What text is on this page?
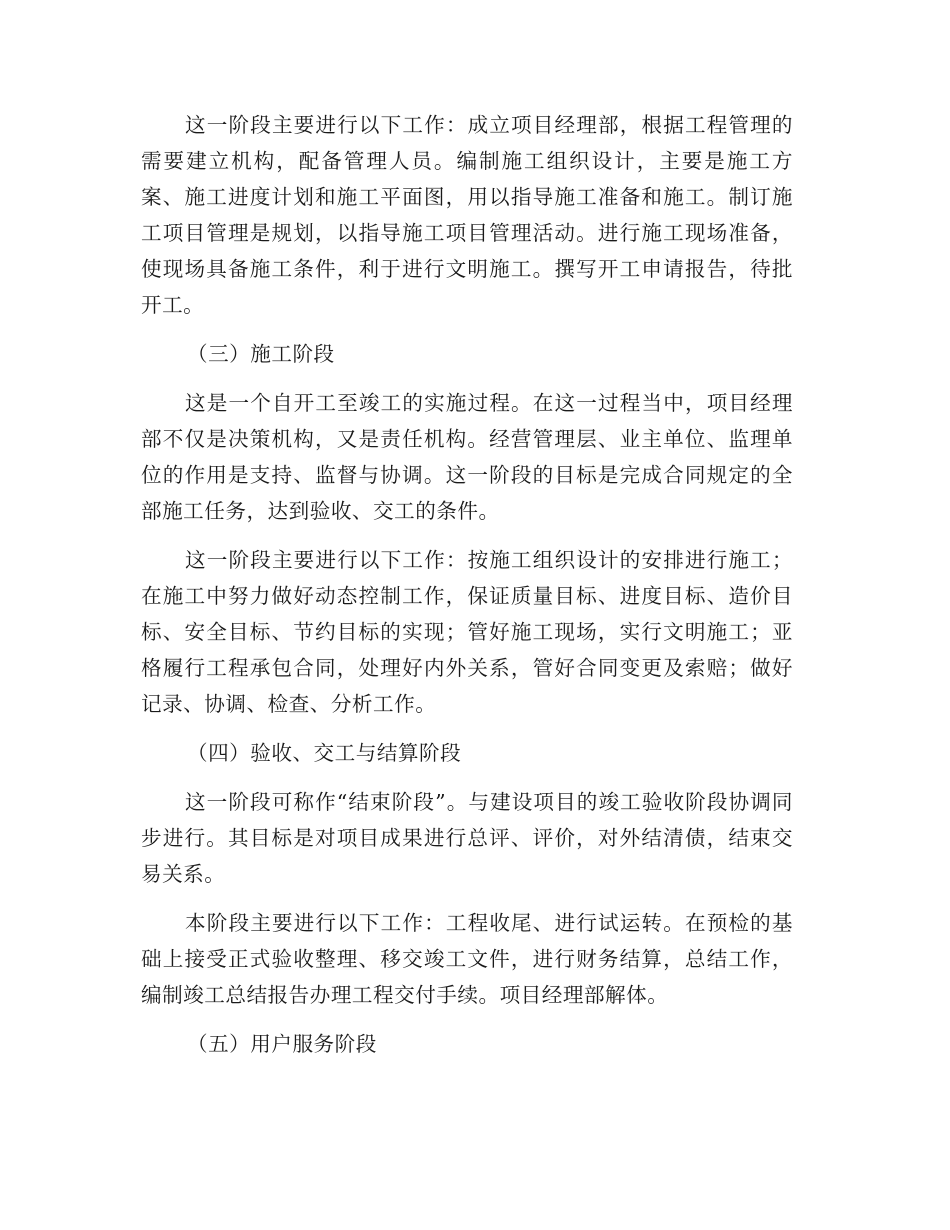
这一阶段主要进行以下工作：成立项目经理部，根据工程管理的需要建立机构，配备管理人员。编制施工组织设计，主要是施工方案、施工进度计划和施工平面图，用以指导施工准备和施工。制订施工项目管理是规划，以指导施工项目管理活动。进行施工现场准备，使现场具备施工条件，利于进行文明施工。撰写开工申请报告，待批开工。

（三）施工阶段

这是一个自开工至竣工的实施过程。在这一过程当中，项目经理部不仅是决策机构，又是责任机构。经营管理层、业主单位、监理单位的作用是支持、监督与协调。这一阶段的目标是完成合同规定的全部施工任务，达到验收、交工的条件。

这一阶段主要进行以下工作：按施工组织设计的安排进行施工；在施工中努力做好动态控制工作，保证质量目标、进度目标、造价目标、安全目标、节约目标的实现；管好施工现场，实行文明施工；亚格履行工程承包合同，处理好内外关系，管好合同变更及索赔；做好记录、协调、检查、分析工作。

（四）验收、交工与结算阶段

这一阶段可称作“结束阶段”。与建设项目的竣工验收阶段协调同步进行。其目标是对项目成果进行总评、评价，对外结清债，结束交易关系。

本阶段主要进行以下工作：工程收尾、进行试运转。在预检的基础上接受正式验收整理、移交竣工文件，进行财务结算，总结工作，编制竣工总结报告办理工程交付手续。项目经理部解体。

（五）用户服务阶段
